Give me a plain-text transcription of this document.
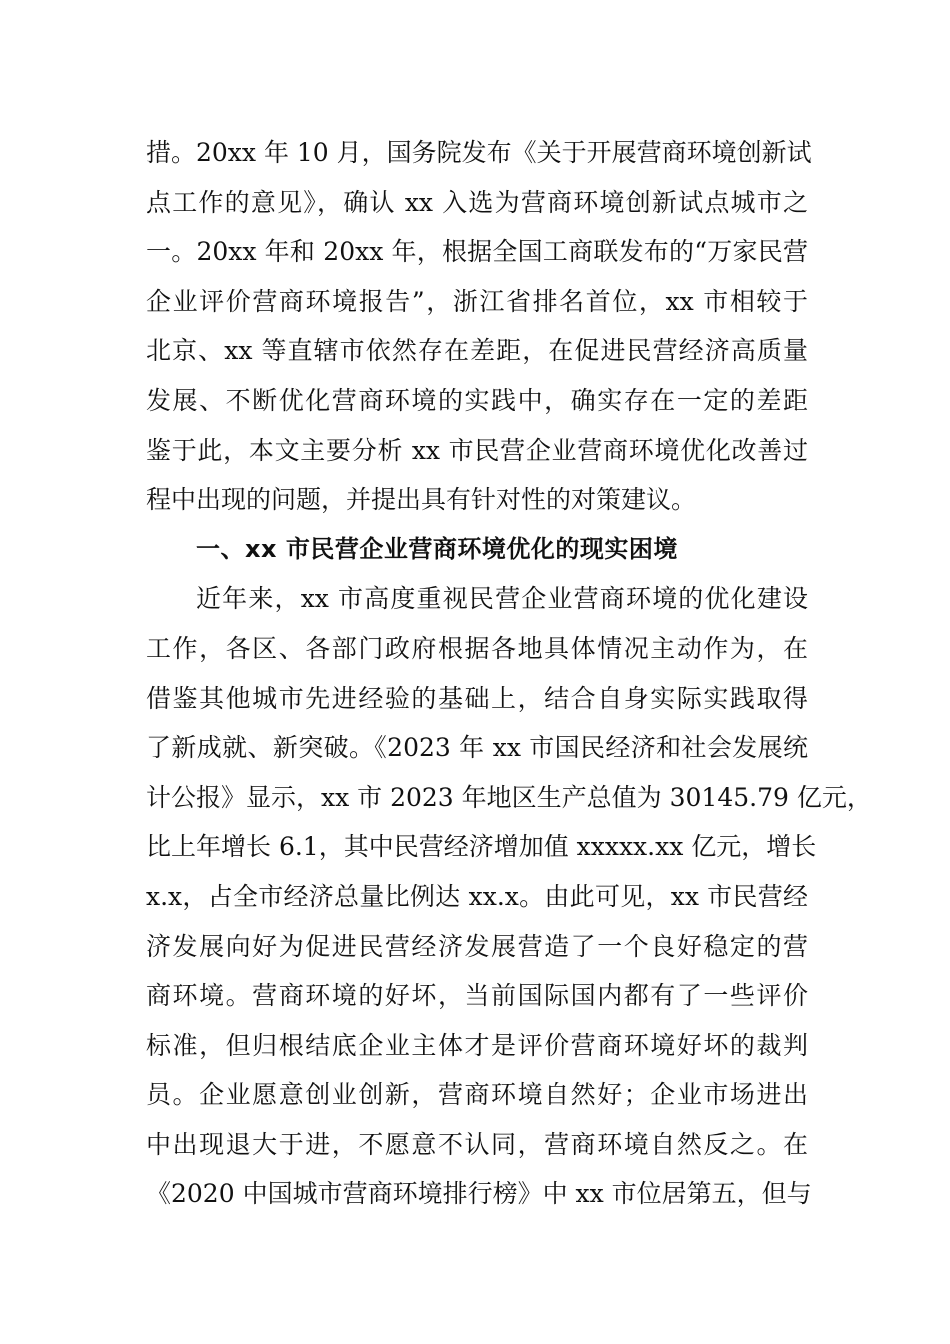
措。20xx 年 10 月，国务院发布《关于开展营商环境创新试
点工作的意见》，确认 xx 入选为营商环境创新试点城市之
一。20xx 年和 20xx 年，根据全国工商联发布的“万家民营
企业评价营商环境报告”，浙江省排名首位，xx 市相较于
北京、xx 等直辖市依然存在差距，在促进民营经济高质量
发展、不断优化营商环境的实践中，确实存在一定的差距
鉴于此，本文主要分析 xx 市民营企业营商环境优化改善过
程中出现的问题，并提出具有针对性的对策建议。
一、xx 市民营企业营商环境优化的现实困境
近年来，xx 市高度重视民营企业营商环境的优化建设
工作，各区、各部门政府根据各地具体情况主动作为，在
借鉴其他城市先进经验的基础上，结合自身实际实践取得
了新成就、新突破。《2023 年 xx 市国民经济和社会发展统
计公报》显示，xx 市 2023 年地区生产总值为 30145.79 亿元，
比上年增长 6.1，其中民营经济增加值 xxxxx.xx 亿元，增长
x.x，占全市经济总量比例达 xx.x。由此可见，xx 市民营经
济发展向好为促进民营经济发展营造了一个良好稳定的营
商环境。营商环境的好坏，当前国际国内都有了一些评价
标准，但归根结底企业主体才是评价营商环境好坏的裁判
员。企业愿意创业创新，营商环境自然好；企业市场进出
中出现退大于进，不愿意不认同，营商环境自然反之。在
《2020 中国城市营商环境排行榜》中 xx 市位居第五，但与
